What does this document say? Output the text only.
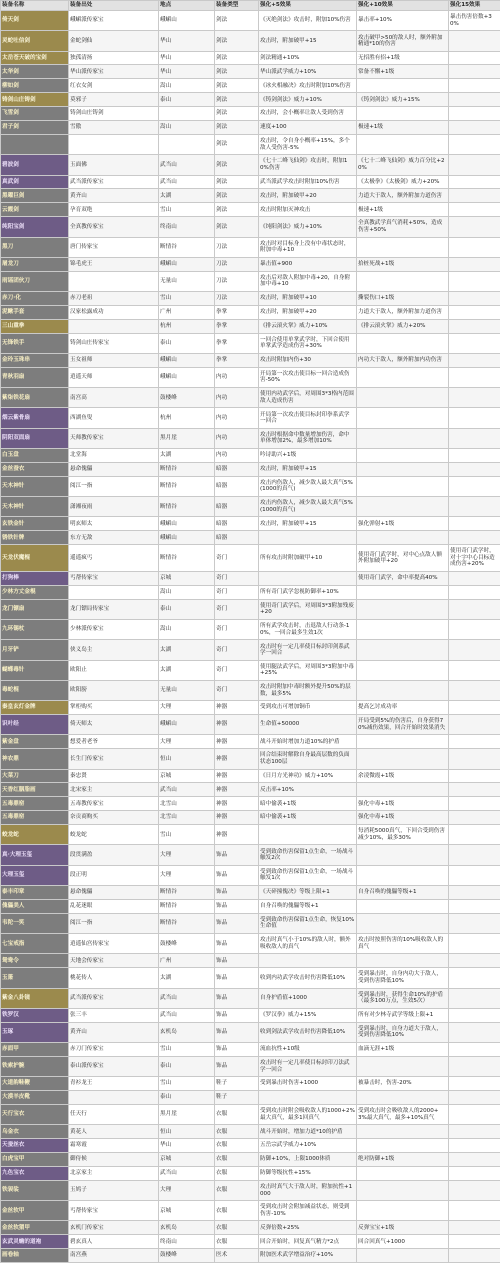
装备名称	装备出处	地点	装备类型	强化+5效果	强化+10效果	强化15效果
倚天剑	峨嵋派传家宝	峨嵋山	剑法	《灭绝剑法》攻击时，附加10%伤害	暴击率+10%	暴击伤害倍数+30%
灵蛇吐信剑	金蛇剑仙	华山	剑法	攻击时，附加破甲+15	攻击破甲>50的敌人时，额外附加精通*10的伤害	
太岳苍天破的宝剑	独孤清扬	华山	剑法	剑法精通+10%	无招胜有招+1级	
太华剑	华山派传家宝	华山	剑法	华山派武学威力+10%	常备不懈+1级	
柳如剑	红衣女剑	嵩山	剑法	《冰火相融决》攻击时附加10%伤害		
铸剑山庄铸剑	莫邪子	泰山	剑法	《铸剑剑法》威力+10%	《铸剑剑法》威力+15%	
飞雪剑	铸剑山庄铸剑		剑法	攻击时，会小概率让敌人受到伤害		
君子剑	雪傲	嵩山	剑法	速度+100	极速+1级	
			剑法	攻击时，令自身小概率+15%，多个敌人受伤害-5%		
碧波剑	玉面佛	武当山	剑法	《七十二峰飞仙剑》攻击时，附加10%伤害	《七十二峰飞仙剑》威力百分比+20%	
真武剑	武当派传家宝	武当山	剑法	武当派武学攻击时附加10%伤害	《太极拳》《太极剑》威力+20%	
黑曜巨剑	黄齐山	太湖	剑法	攻击时，附加破甲+20	力道大于敌人，额外附加力道伤害	
云霞剑	孕育双绝	雪山	剑法	攻击时附加灭神攻击	极速+1级	
纯阳宝剑	全真教传家宝	终南山	剑法	《纯阳剑法》威力+10%	全真教武学真气消耗+50%，造成伤害+50%	
黑刀	唐门传家宝	断情谷	刀法	攻击时对目标身上没有中毒状态时，附加中毒+10		
屠龙刀	锦毛虎王	峨嵋山	刀法	暴击值+900	拾桩死战+1级	
雨谣团伙刀		无量山	刀法	攻击后对敌人附加中毒+20，自身附加中毒+10		
赤刀·化	赤刀老祖	雪山	刀法	攻击时，附加破甲+10	撕裂伤口+1级	
泥鳅手套	汉家松露成功	广州	拳掌	攻击时，附加破甲+20	力道大于敌人，额外附加力道伤害	
三山重拳		杭州	拳掌	《排云滚火掌》威力+10%	《排云滚火掌》威力+20%	
无锋铁手	铸剑山庄传家宝	泰山	拳掌	一回合使用单掌武学时，下回合使用单掌武学造成伤害+30%		
金玲玉珠串	玉女祖师	峨嵋山	拳掌	攻击时附加内伤+30	内功大于敌人，额外附加内功伤害	
青秋羽扇	逍遥天师	峨嵋山	内功	开局第一次攻击使目标一回合造成伤害-50%		
紫柒铁花扇	南宫高	鼓楼峰	内功	使用内功武学后，对周围3*3格内范围敌人造成伤害		
烟云紫骨扇	西湖鱼叟	杭州	内功	开局第一次攻击使目标封印拳系武学一回合		
阴阳双面扇	天师教传家宝	黑月崖	内功	攻击时根据命中数量增加伤害，命中单体增加2%，最多增加10%		
白玉盘	北堂海	太湖	内功	吟诗助兴+1级		
金丝蚕衣	悬命傀儡	断情谷	暗器	攻击时，附加破甲+15		
天木神针	阅江一指	断情谷	暗器	攻击内伤敌人，减少敌人最大真气5%(1000的真气)		
天木神针	潇湘夜雨	断情谷	暗器	攻击内伤敌人，减少敌人最大真气5%(1000的真气)		
玄铁金针	明玄师太	峨嵋山	暗器	攻击时，附加破甲+15	强化弹射+1级	
锈铁针牌	东方无敌	峨嵋山	暗器			
天龙伏魔棍	遥遥疯丐	断情谷	奇门	所有攻击时附加破甲+10	使用奇门武学时，对中心点敌人额外附加破甲+20	使用奇门武学时，对十字中心目标造成伤害+20%
打狗棒	丐帮传家宝	京城	奇门		使用奇门武学，命中率提高40%	
少林方丈金棍		嵩山	奇门	所有奇门武学忽视防御率+10%		
龙门镖扇	龙门镖局传家宝	泰山	奇门	使用奇门武学后，对周围3*3附加残废+20		
九环锡杖	少林派传家宝	嵩山	奇门	所有武学攻击时，击退敌人行动条-10%，一回合最多生效1次		
月牙铲	侠义岛主	太湖	奇门	攻击时有一定几率使目标封印剑系武学一回合		
蝴蝶毒针	欧阳止	太湖	奇门	使用腿法武学后，对周围3*3附加中毒+25%		
毒蛇棍	欧阳膀	无量山	奇门	攻击时附加中毒时额外提升50%的层数，最多5%		
秦皇玄灯金牌	掌柜购买	大理	神器	受到攻击可增加铜币	提高乞讨成功率	
识叶经	倚天师太	峨嵋山	神器	生命值+50000	开局受到5%的伤害后，自身获得70%减伤效果，回合开始时效果消失	
紫金盘	想爱者老爷	大理	神器	战斗开始时增加力道10%的护盾		
神农鼎	长生门传家宝	恒山	神器	回合结束时解除自身最高层数的负面状态100层		
大菜刀	秦忠贤	京城	神器	《日月方光神功》威力+10%	余凌微霞+1级	
天香红胭脂画	北宋家主	武当山	神器	反击率+10%		
五毒鼎窑	五毒教传家宝	北雪山	神器	暗中偷袭+1级	强化中毒+1级	
五毒鼎窑	奈贡商购买	北雪山	神器	暗中偷袭+1级	强化中毒+1级	
蛟龙蛇	蛟龙蛇	雪山	神器		每消耗5000真气，下回合受到伤害减少10%，最多30%	
真·大理玉玺	段贯满盈	大理	饰品	受到致命伤害保留1点生命，一场战斗触发2次		
大理玉玺	段正明	大理	饰品	受到致命伤害保留1点生命，一场战斗触发1次		
泰丰印章	悬命傀儡	断情谷	饰品	《天碎撞傀决》等级上限+1	自身召唤的傀儡等级+1	
傀儡美人	乱花迷眼	断情谷	饰品	自身召唤的傀儡等级+1		
韦陀一笑	阅江一指	断情谷	饰品	受到致命伤害保留1点生命，恢复10%生命值		
七宝戒指	逍遥仙宫传家宝	鼓楼峰	饰品	攻击时真气小于10%的敌人时，额外吸收敌人的真气	攻击时按照伤害的10%吸收敌人的真气	
鸳鸯令	天地会传家宝	广州	饰品			
玉箫	桃花传人	太湖	饰品	收到内功武学攻击时伤害降低10%	受到暴击时，自身内功大于敌人，受到伤害降低10%	
紫金八卦镜	武当派传家宝	武当山	饰品	自身护盾值+1000	受到暴击时，获得生命10%的护盾（最多100万点，生效5次）	
铁罗汉	张三丰	武当山	饰品	《罗汉拳》威力+15%	所有对少林寺武学等级上限+1	
玉琢	黄齐山	玄机岛	饰品	收到剑法武学攻击时伤害降低10%	受到暴击时，自身力道大于敌人，受到伤害降低10%	
赤面甲	赤刀门传家宝	雪山	饰品	流血抗性+10级	血滴无涯+1级	
铁索护腕	泰山派传家宝	泰山	饰品	攻击时有一定几率使目标封印刀法武学一回合		
大道韵鞋鞭	青衫龙王	雪山	鞋子	受到暴击时伤害+1000	被暴击时，伤害-20%	
大漠羊皮靴		泰山	鞋子			
天行宝衣	任天行	黑月崖	衣服	受到攻击时附会吸收敌人的1000+2%最大真气，最多1回真气	受到攻击时会吸收敌人的2000+3%最大真气，最多+10%真气	
乌金衣	黄花人	恒山	衣服	战斗开始时，增加力道*10的护盾		
天蚕丝衣	霜寒霞	华山	衣服	五岳宗武学威力+10%		
白虎宝甲	御侍候	京城	衣服	防御+10%，上限1000体质	绝对防御+1级	
九色宝衣	北京家主	武当山	衣服	防御等级抗性+15%		
铁袈裟	玉鸠子	大理	衣服	攻击时真气大于敌人时，附加抗性+1000		
金丝软甲	丐帮传家宝	京城	衣服	受到攻击时会附加减益状态，则受到伤害-10%		
金丝软猬甲	玄机门传家宝	玄机岛	衣服	反弹倍数+25%	反弹宝宝+1级	
玄武灵蟾的道袍	碧玄真人	终南山	衣服	回合开始时，回复真气精力*2点	回合回真气+1000	
画卷轴	南宫燕	鼓楼峰	医术	附加医术武学增益治疗+10%		
